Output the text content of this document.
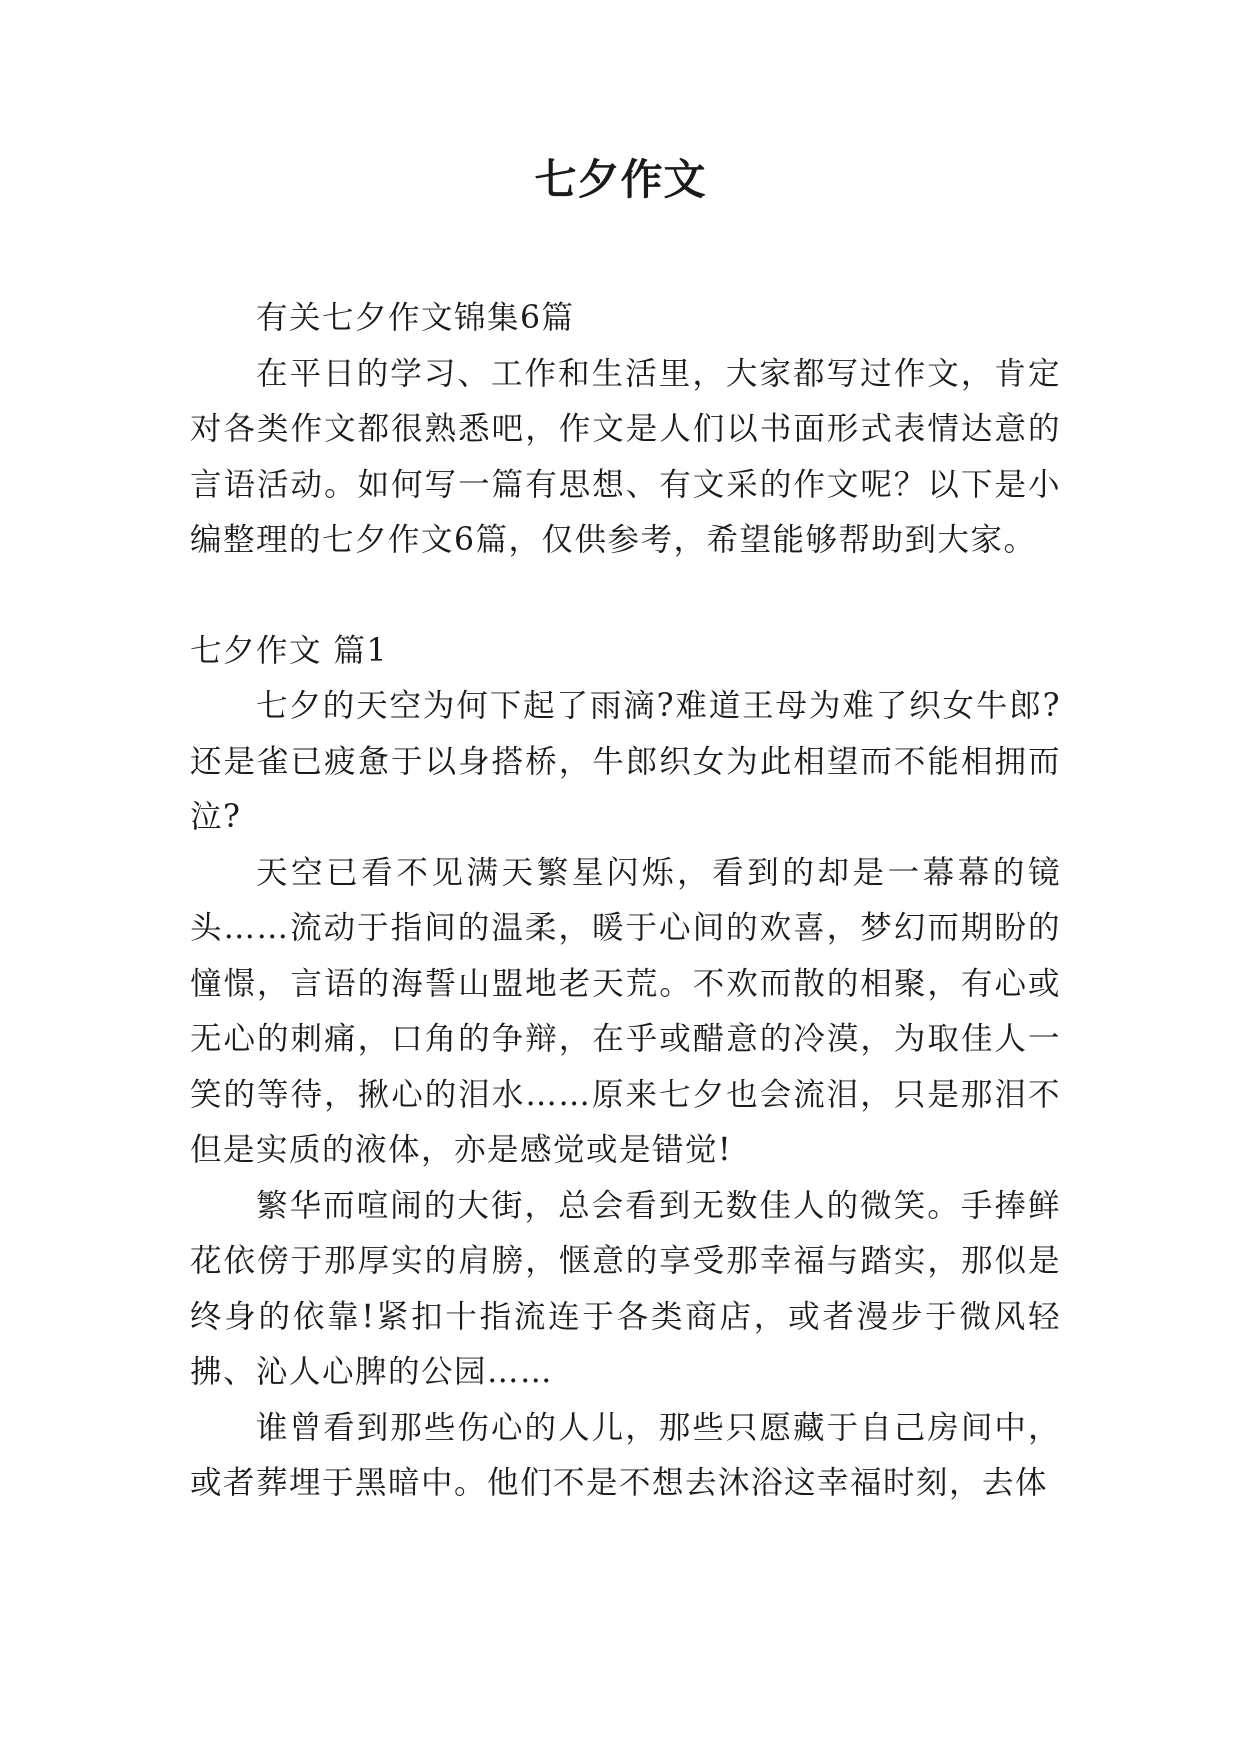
七夕作文

有关七夕作文锦集6篇

在平日的学习、工作和生活里，大家都写过作文，肯定对各类作文都很熟悉吧，作文是人们以书面形式表情达意的言语活动。如何写一篇有思想、有文采的作文呢？以下是小编整理的七夕作文6篇，仅供参考，希望能够帮助到大家。

七夕作文 篇1

七夕的天空为何下起了雨滴?难道王母为难了织女牛郎?还是雀已疲惫于以身搭桥，牛郎织女为此相望而不能相拥而泣?

天空已看不见满天繁星闪烁，看到的却是一幕幕的镜头……流动于指间的温柔，暖于心间的欢喜，梦幻而期盼的憧憬，言语的海誓山盟地老天荒。不欢而散的相聚，有心或无心的刺痛，口角的争辩，在乎或醋意的冷漠，为取佳人一笑的等待，揪心的泪水……原来七夕也会流泪，只是那泪不但是实质的液体，亦是感觉或是错觉!

繁华而喧闹的大街，总会看到无数佳人的微笑。手捧鲜花依傍于那厚实的肩膀，惬意的享受那幸福与踏实，那似是终身的依靠!紧扣十指流连于各类商店，或者漫步于微风轻拂、沁人心脾的公园……

谁曾看到那些伤心的人儿，那些只愿藏于自己房间中，或者葬埋于黑暗中。他们不是不想去沐浴这幸福时刻，去体
